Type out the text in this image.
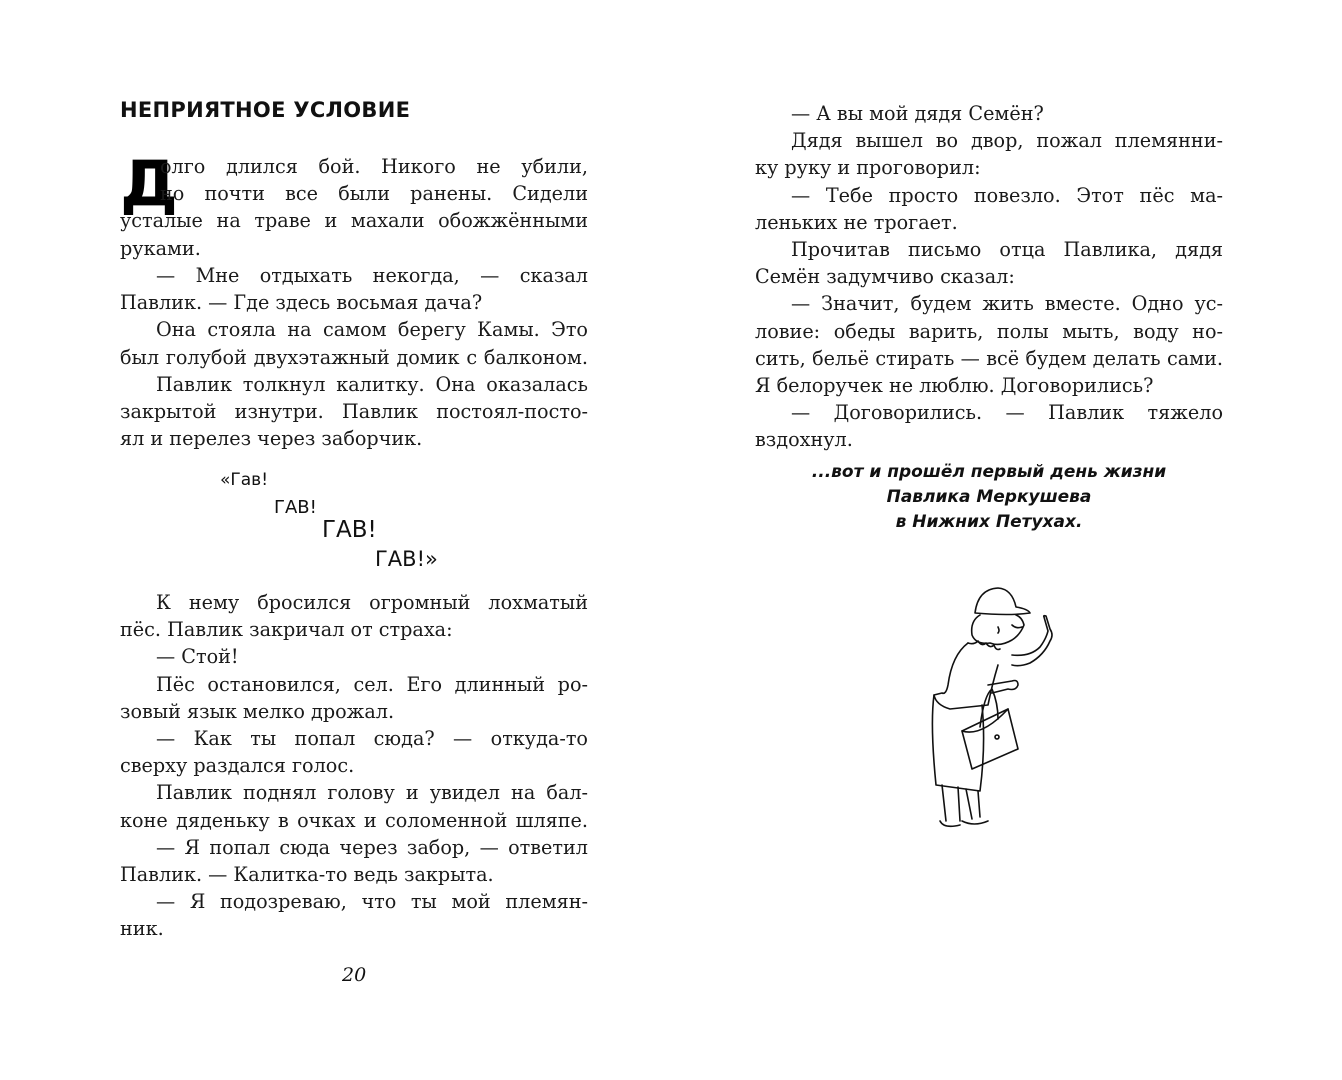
НЕПРИЯТНОЕ УСЛОВИЕ
Д
олго длился бой. Никого не убили,
но почти все были ранены. Сидели
усталые на траве и махали обожжёнными
руками.
— Мне отдыхать некогда, — сказал
Павлик. — Где здесь восьмая дача?
Она стояла на самом берегу Камы. Это
был голубой двухэтажный домик с балконом.
Павлик толкнул калитку. Она оказалась
закрытой изнутри. Павлик постоял-посто-
ял и перелез через заборчик.
«Гав!
ГАВ!
ГАВ!
ГАВ!»
К нему бросился огромный лохматый
пёс. Павлик закричал от страха:
— Стой!
Пёс остановился, сел. Его длинный ро-
зовый язык мелко дрожал.
— Как ты попал сюда? — откуда-то
сверху раздался голос.
Павлик поднял голову и увидел на бал-
коне дяденьку в очках и соломенной шляпе.
— Я попал сюда через забор, — ответил
Павлик. — Калитка-то ведь закрыта.
— Я подозреваю, что ты мой племян-
ник.
20
— А вы мой дядя Семён?
Дядя вышел во двор, пожал племянни-
ку руку и проговорил:
— Тебе просто повезло. Этот пёс ма-
леньких не трогает.
Прочитав письмо отца Павлика, дядя
Семён задумчиво сказал:
— Значит, будем жить вместе. Одно ус-
ловие: обеды варить, полы мыть, воду но-
сить, бельё стирать — всё будем делать сами.
Я белоручек не люблю. Договорились?
— Договорились. — Павлик тяжело
вздохнул.
...вот и прошёл первый день жизни
Павлика Меркушева
в Нижних Петухах.
